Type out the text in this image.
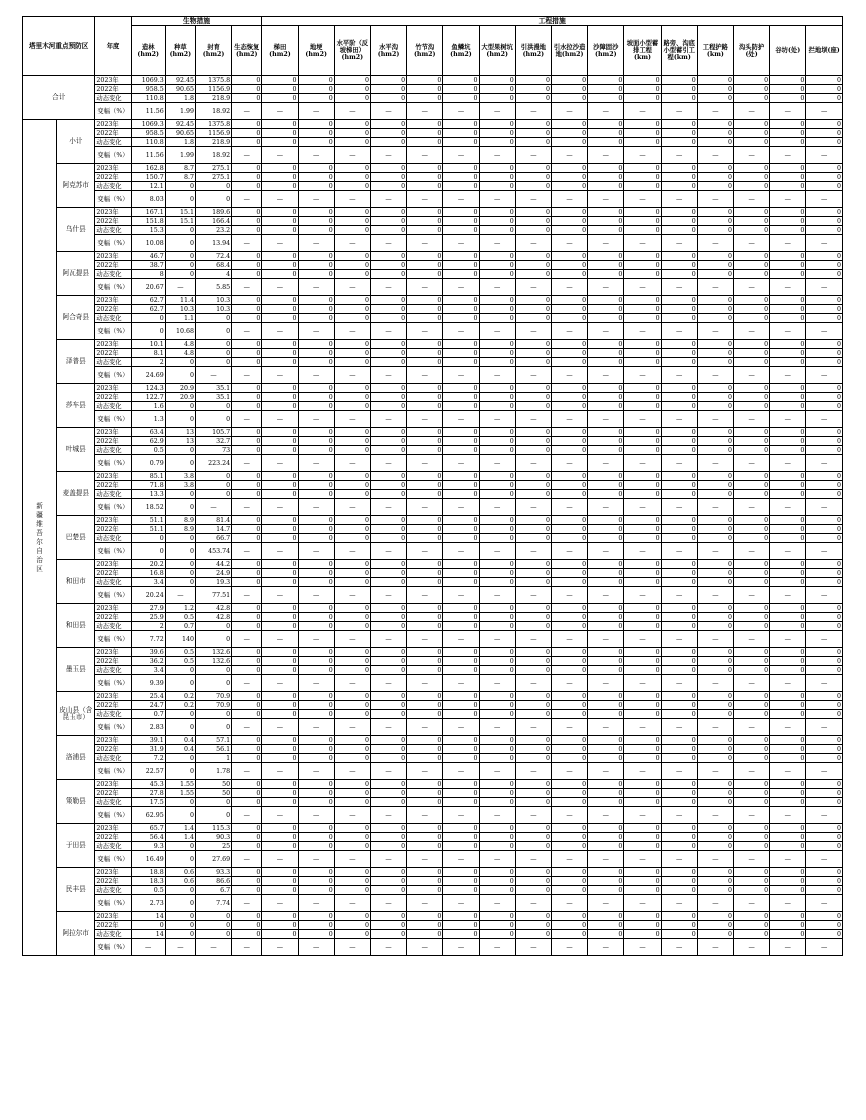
塔里木河重点预防区		年度	生物措施				工程措施															
			造林(hm2)	种草(hm2)	封育(hm2)	生态恢复(hm2)	梯田(hm2)	地埂(hm2)	水平阶（反坡梯田）(hm2)	水平沟(hm2)	竹节沟(hm2)	鱼鳞坑(hm2)	大型果树坑(hm2)	引洪漫地(hm2)	引水拉沙造地(hm2)	沙障固沙(hm2)	坡面小型蓄排工程(km)	路旁、沟底小型蓄引工程(km)	工程护路(km)	沟头防护(处)	谷坊(处)	拦地坝(座)
合计		2023年	1069.3	92.45	1375.8	0	0	0	0	0	0	0	0	0	0	0	0	0	0	0	0	0
		2022年	958.5	90.65	1156.9	0	0	0	0	0	0	0	0	0	0	0	0	0	0	0	0	0
		动态变化	110.8	1.8	218.9	0	0	0	0	0	0	0	0	0	0	0	0	0	0	0	0	0
		变幅（%）	11.56	1.99	18.92	—	—	—	—	—	—	—	—	—	—	—	—	—	—	—	—	—
新疆维吾尔自治区	小计	2023年	1069.3	92.45	1375.8	0	0	0	0	0	0	0	0	0	0	0	0	0	0	0	0	0
		2022年	958.5	90.65	1156.9	0	0	0	0	0	0	0	0	0	0	0	0	0	0	0	0	0
		动态变化	110.8	1.8	218.9	0	0	0	0	0	0	0	0	0	0	0	0	0	0	0	0	0
		变幅（%）	11.56	1.99	18.92	—	—	—	—	—	—	—	—	—	—	—	—	—	—	—	—	—
	阿克苏市	2023年	162.8	8.7	275.1	0	0	0	0	0	0	0	0	0	0	0	0	0	0	0	0	0
		2022年	150.7	8.7	275.1	0	0	0	0	0	0	0	0	0	0	0	0	0	0	0	0	0
		动态变化	12.1	0	0	0	0	0	0	0	0	0	0	0	0	0	0	0	0	0	0	0
		变幅（%）	8.03	0	0	—	—	—	—	—	—	—	—	—	—	—	—	—	—	—	—	—
	乌什县	2023年	167.1	15.1	189.6	0	0	0	0	0	0	0	0	0	0	0	0	0	0	0	0	0
		2022年	151.8	15.1	166.4	0	0	0	0	0	0	0	0	0	0	0	0	0	0	0	0	0
		动态变化	15.3	0	23.2	0	0	0	0	0	0	0	0	0	0	0	0	0	0	0	0	0
		变幅（%）	10.08	0	13.94	—	—	—	—	—	—	—	—	—	—	—	—	—	—	—	—	—
	阿瓦提县	2023年	46.7	0	72.4	0	0	0	0	0	0	0	0	0	0	0	0	0	0	0	0	0
		2022年	38.7	0	68.4	0	0	0	0	0	0	0	0	0	0	0	0	0	0	0	0	0
		动态变化	8	0	4	0	0	0	0	0	0	0	0	0	0	0	0	0	0	0	0	0
		变幅（%）	20.67	—	5.85	—	—	—	—	—	—	—	—	—	—	—	—	—	—	—	—	—
	阿合奇县	2023年	62.7	11.4	10.3	0	0	0	0	0	0	0	0	0	0	0	0	0	0	0	0	0
		2022年	62.7	10.3	10.3	0	0	0	0	0	0	0	0	0	0	0	0	0	0	0	0	0
		动态变化	0	1.1	0	0	0	0	0	0	0	0	0	0	0	0	0	0	0	0	0	0
		变幅（%）	0	10.68	0	—	—	—	—	—	—	—	—	—	—	—	—	—	—	—	—	—
	泽普县	2023年	10.1	4.8	0	0	0	0	0	0	0	0	0	0	0	0	0	0	0	0	0	0
		2022年	8.1	4.8	0	0	0	0	0	0	0	0	0	0	0	0	0	0	0	0	0	0
		动态变化	2	0	0	0	0	0	0	0	0	0	0	0	0	0	0	0	0	0	0	0
		变幅（%）	24.69	0	—	—	—	—	—	—	—	—	—	—	—	—	—	—	—	—	—	—
	莎车县	2023年	124.3	20.9	35.1	0	0	0	0	0	0	0	0	0	0	0	0	0	0	0	0	0
		2022年	122.7	20.9	35.1	0	0	0	0	0	0	0	0	0	0	0	0	0	0	0	0	0
		动态变化	1.6	0	0	0	0	0	0	0	0	0	0	0	0	0	0	0	0	0	0	0
		变幅（%）	1.3	0	0	—	—	—	—	—	—	—	—	—	—	—	—	—	—	—	—	—
	叶城县	2023年	63.4	13	105.7	0	0	0	0	0	0	0	0	0	0	0	0	0	0	0	0	0
		2022年	62.9	13	32.7	0	0	0	0	0	0	0	0	0	0	0	0	0	0	0	0	0
		动态变化	0.5	0	73	0	0	0	0	0	0	0	0	0	0	0	0	0	0	0	0	0
		变幅（%）	0.79	0	223.24	—	—	—	—	—	—	—	—	—	—	—	—	—	—	—	—	—
	麦盖提县	2023年	85.1	3.8	0	0	0	0	0	0	0	0	0	0	0	0	0	0	0	0	0	0
		2022年	71.8	3.8	0	0	0	0	0	0	0	0	0	0	0	0	0	0	0	0	0	0
		动态变化	13.3	0	0	0	0	0	0	0	0	0	0	0	0	0	0	0	0	0	0	0
		变幅（%）	18.52	0	—	—	—	—	—	—	—	—	—	—	—	—	—	—	—	—	—	—
	巴楚县	2023年	51.1	8.9	81.4	0	0	0	0	0	0	0	0	0	0	0	0	0	0	0	0	0
		2022年	51.1	8.9	14.7	0	0	0	0	0	0	0	0	0	0	0	0	0	0	0	0	0
		动态变化	0	0	66.7	0	0	0	0	0	0	0	0	0	0	0	0	0	0	0	0	0
		变幅（%）	0	0	453.74	—	—	—	—	—	—	—	—	—	—	—	—	—	—	—	—	—
	和田市	2023年	20.2	0	44.2	0	0	0	0	0	0	0	0	0	0	0	0	0	0	0	0	0
		2022年	16.8	0	24.9	0	0	0	0	0	0	0	0	0	0	0	0	0	0	0	0	0
		动态变化	3.4	0	19.3	0	0	0	0	0	0	0	0	0	0	0	0	0	0	0	0	0
		变幅（%）	20.24	—	77.51	—	—	—	—	—	—	—	—	—	—	—	—	—	—	—	—	—
	和田县	2023年	27.9	1.2	42.8	0	0	0	0	0	0	0	0	0	0	0	0	0	0	0	0	0
		2022年	25.9	0.5	42.8	0	0	0	0	0	0	0	0	0	0	0	0	0	0	0	0	0
		动态变化	2	0.7	0	0	0	0	0	0	0	0	0	0	0	0	0	0	0	0	0	0
		变幅（%）	7.72	140	0	—	—	—	—	—	—	—	—	—	—	—	—	—	—	—	—	—
	墨玉县	2023年	39.6	0.5	132.6	0	0	0	0	0	0	0	0	0	0	0	0	0	0	0	0	0
		2022年	36.2	0.5	132.6	0	0	0	0	0	0	0	0	0	0	0	0	0	0	0	0	0
		动态变化	3.4	0	0	0	0	0	0	0	0	0	0	0	0	0	0	0	0	0	0	0
		变幅（%）	9.39	0	0	—	—	—	—	—	—	—	—	—	—	—	—	—	—	—	—	—
	皮山县（含昆玉市）	2023年	25.4	0.2	70.9	0	0	0	0	0	0	0	0	0	0	0	0	0	0	0	0	0
		2022年	24.7	0.2	70.9	0	0	0	0	0	0	0	0	0	0	0	0	0	0	0	0	0
		动态变化	0.7	0	0	0	0	0	0	0	0	0	0	0	0	0	0	0	0	0	0	0
		变幅（%）	2.83	0	0	—	—	—	—	—	—	—	—	—	—	—	—	—	—	—	—	—
	洛浦县	2023年	39.1	0.4	57.1	0	0	0	0	0	0	0	0	0	0	0	0	0	0	0	0	0
		2022年	31.9	0.4	56.1	0	0	0	0	0	0	0	0	0	0	0	0	0	0	0	0	0
		动态变化	7.2	0	1	0	0	0	0	0	0	0	0	0	0	0	0	0	0	0	0	0
		变幅（%）	22.57	0	1.78	—	—	—	—	—	—	—	—	—	—	—	—	—	—	—	—	—
	策勒县	2023年	45.3	1.55	50	0	0	0	0	0	0	0	0	0	0	0	0	0	0	0	0	0
		2022年	27.8	1.55	50	0	0	0	0	0	0	0	0	0	0	0	0	0	0	0	0	0
		动态变化	17.5	0	0	0	0	0	0	0	0	0	0	0	0	0	0	0	0	0	0	0
		变幅（%）	62.95	0	0	—	—	—	—	—	—	—	—	—	—	—	—	—	—	—	—	—
	于田县	2023年	65.7	1.4	115.3	0	0	0	0	0	0	0	0	0	0	0	0	0	0	0	0	0
		2022年	56.4	1.4	90.3	0	0	0	0	0	0	0	0	0	0	0	0	0	0	0	0	0
		动态变化	9.3	0	25	0	0	0	0	0	0	0	0	0	0	0	0	0	0	0	0	0
		变幅（%）	16.49	0	27.69	—	—	—	—	—	—	—	—	—	—	—	—	—	—	—	—	—
	民丰县	2023年	18.8	0.6	93.3	0	0	0	0	0	0	0	0	0	0	0	0	0	0	0	0	0
		2022年	18.3	0.6	86.6	0	0	0	0	0	0	0	0	0	0	0	0	0	0	0	0	0
		动态变化	0.5	0	6.7	0	0	0	0	0	0	0	0	0	0	0	0	0	0	0	0	0
		变幅（%）	2.73	0	7.74	—	—	—	—	—	—	—	—	—	—	—	—	—	—	—	—	—
	阿拉尔市	2023年	14	0	0	0	0	0	0	0	0	0	0	0	0	0	0	0	0	0	0	0
		2022年	0	0	0	0	0	0	0	0	0	0	0	0	0	0	0	0	0	0	0	0
		动态变化	14	0	0	0	0	0	0	0	0	0	0	0	0	0	0	0	0	0	0	0
		变幅（%）	—	—	—	—	—	—	—	—	—	—	—	—	—	—	—	—	—	—	—	—
